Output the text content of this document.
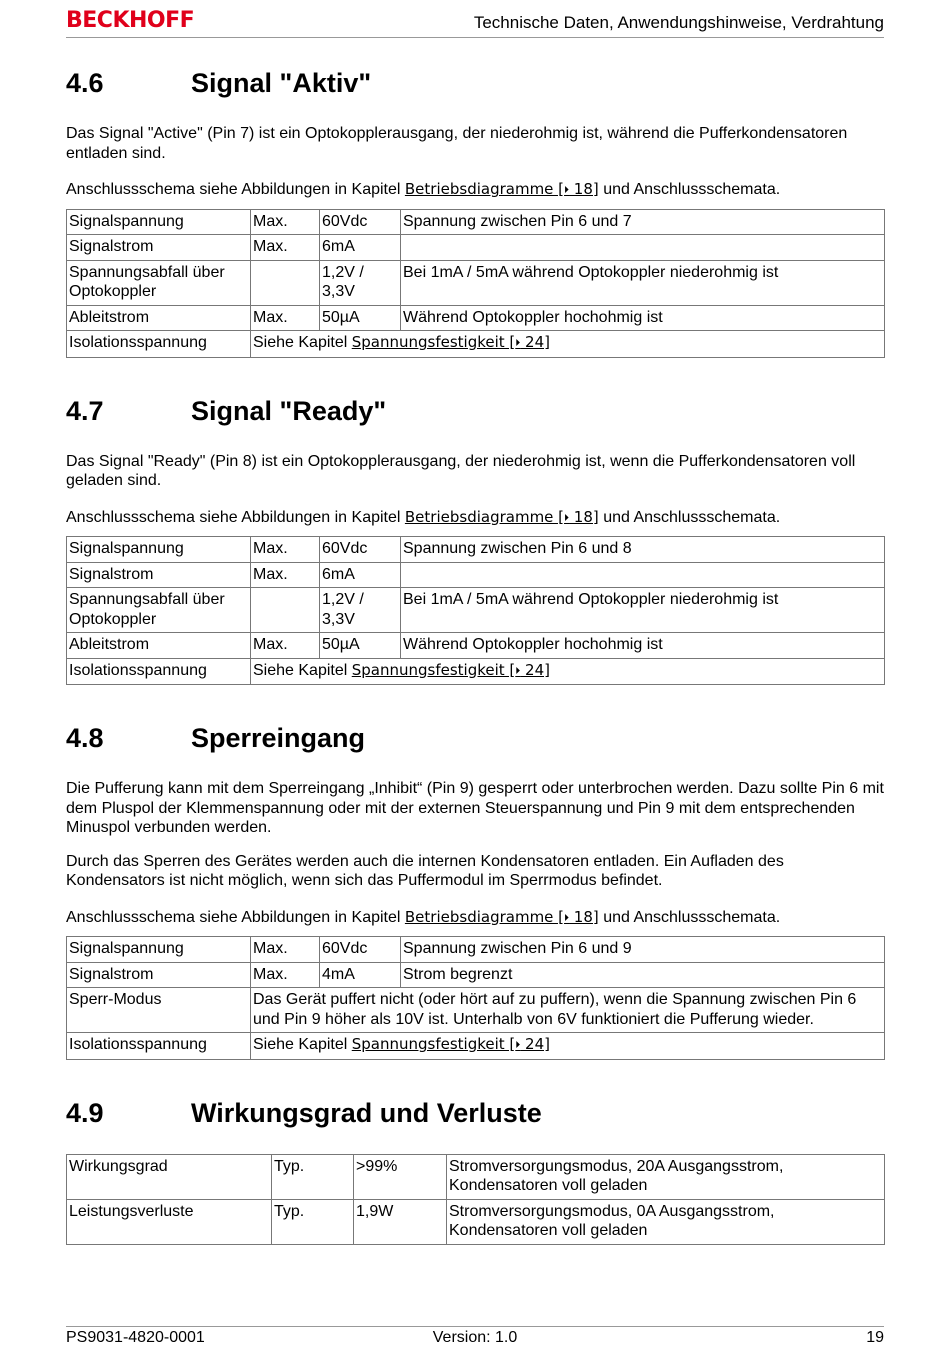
BECKHOFF	Technische Daten, Anwendungshinweise, Verdrahtung
4.6	Signal "Aktiv"

Das Signal "Active" (Pin 7) ist ein Optokopplerausgang, der niederohmig ist, während die Pufferkondensatoren entladen sind.

Anschlussschema siehe Abbildungen in Kapitel Betriebsdiagramme [⏵ 18] und Anschlussschemata.

Signalspannung	Max.	60Vdc	Spannung zwischen Pin 6 und 7
Signalstrom	Max.	6mA	
Spannungsabfall über Optokoppler		1,2V / 3,3V	Bei 1mA / 5mA während Optokoppler niederohmig ist
Ableitstrom	Max.	50µA	Während Optokoppler hochohmig ist
Isolationsspannung	Siehe Kapitel Spannungsfestigkeit [⏵ 24]		
4.7	Signal "Ready"

Das Signal "Ready" (Pin 8) ist ein Optokopplerausgang, der niederohmig ist, wenn die Pufferkondensatoren voll geladen sind.

Anschlussschema siehe Abbildungen in Kapitel Betriebsdiagramme [⏵ 18] und Anschlussschemata.

Signalspannung	Max.	60Vdc	Spannung zwischen Pin 6 und 8
Signalstrom	Max.	6mA	
Spannungsabfall über Optokoppler		1,2V / 3,3V	Bei 1mA / 5mA während Optokoppler niederohmig ist
Ableitstrom	Max.	50µA	Während Optokoppler hochohmig ist
Isolationsspannung	Siehe Kapitel Spannungsfestigkeit [⏵ 24]		
4.8	Sperreingang

Die Pufferung kann mit dem Sperreingang „Inhibit“ (Pin 9) gesperrt oder unterbrochen werden. Dazu sollte Pin 6 mit dem Pluspol der Klemmenspannung oder mit der externen Steuerspannung und Pin 9 mit dem entsprechenden Minuspol verbunden werden.

Durch das Sperren des Gerätes werden auch die internen Kondensatoren entladen. Ein Aufladen des Kondensators ist nicht möglich, wenn sich das Puffermodul im Sperrmodus befindet.

Anschlussschema siehe Abbildungen in Kapitel Betriebsdiagramme [⏵ 18] und Anschlussschemata.

Signalspannung	Max.	60Vdc	Spannung zwischen Pin 6 und 9
Signalstrom	Max.	4mA	Strom begrenzt
Sperr-Modus	Das Gerät puffert nicht (oder hört auf zu puffern), wenn die Spannung zwischen Pin 6 und Pin 9 höher als 10V ist. Unterhalb von 6V funktioniert die Pufferung wieder.		
Isolationsspannung	Siehe Kapitel Spannungsfestigkeit [⏵ 24]		
4.9	Wirkungsgrad und Verluste
Wirkungsgrad	Typ.	>99%	Stromversorgungsmodus, 20A Ausgangsstrom, Kondensatoren voll geladen
Leistungsverluste	Typ.	1,9W	Stromversorgungsmodus, 0A Ausgangsstrom, Kondensatoren voll geladen
PS9031-4820-0001	Version: 1.0	19
